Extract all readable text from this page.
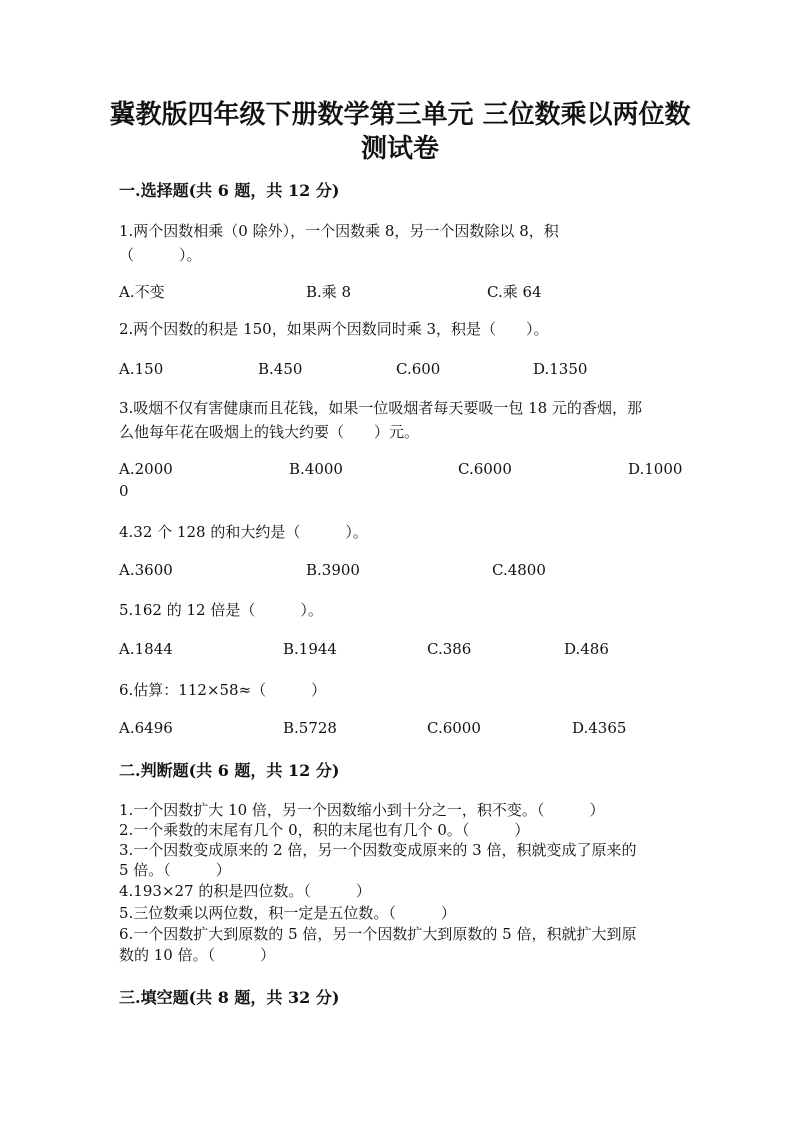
冀教版四年级下册数学第三单元 三位数乘以两位数
测试卷
一.选择题(共 6 题，共 12 分)
1.两个因数相乘（0 除外），一个因数乘 8，另一个因数除以 8，积
（　　　）。
A.不变	B.乘 8	C.乘 64
2.两个因数的积是 150，如果两个因数同时乘 3，积是（　　）。
A.150	B.450	C.600	D.1350
3.吸烟不仅有害健康而且花钱，如果一位吸烟者每天要吸一包 18 元的香烟，那
么他每年花在吸烟上的钱大约要（　　）元。
A.2000	B.4000	C.6000	D.1000
0
4.32 个 128 的和大约是（　　　）。
A.3600	B.3900	C.4800
5.162 的 12 倍是（　　　）。
A.1844	B.1944	C.386	D.486
6.估算：112×58≈（　　　）
A.6496	B.5728	C.6000	D.4365
二.判断题(共 6 题，共 12 分)
1.一个因数扩大 10 倍，另一个因数缩小到十分之一，积不变。（　　　）
2.一个乘数的末尾有几个 0，积的末尾也有几个 0。（　　　）
3.一个因数变成原来的 2 倍，另一个因数变成原来的 3 倍，积就变成了原来的
5 倍。（　　　）
4.193×27 的积是四位数。（　　　）
5.三位数乘以两位数，积一定是五位数。（　　　）
6.一个因数扩大到原数的 5 倍，另一个因数扩大到原数的 5 倍，积就扩大到原
数的 10 倍。（　　　）
三.填空题(共 8 题，共 32 分)
